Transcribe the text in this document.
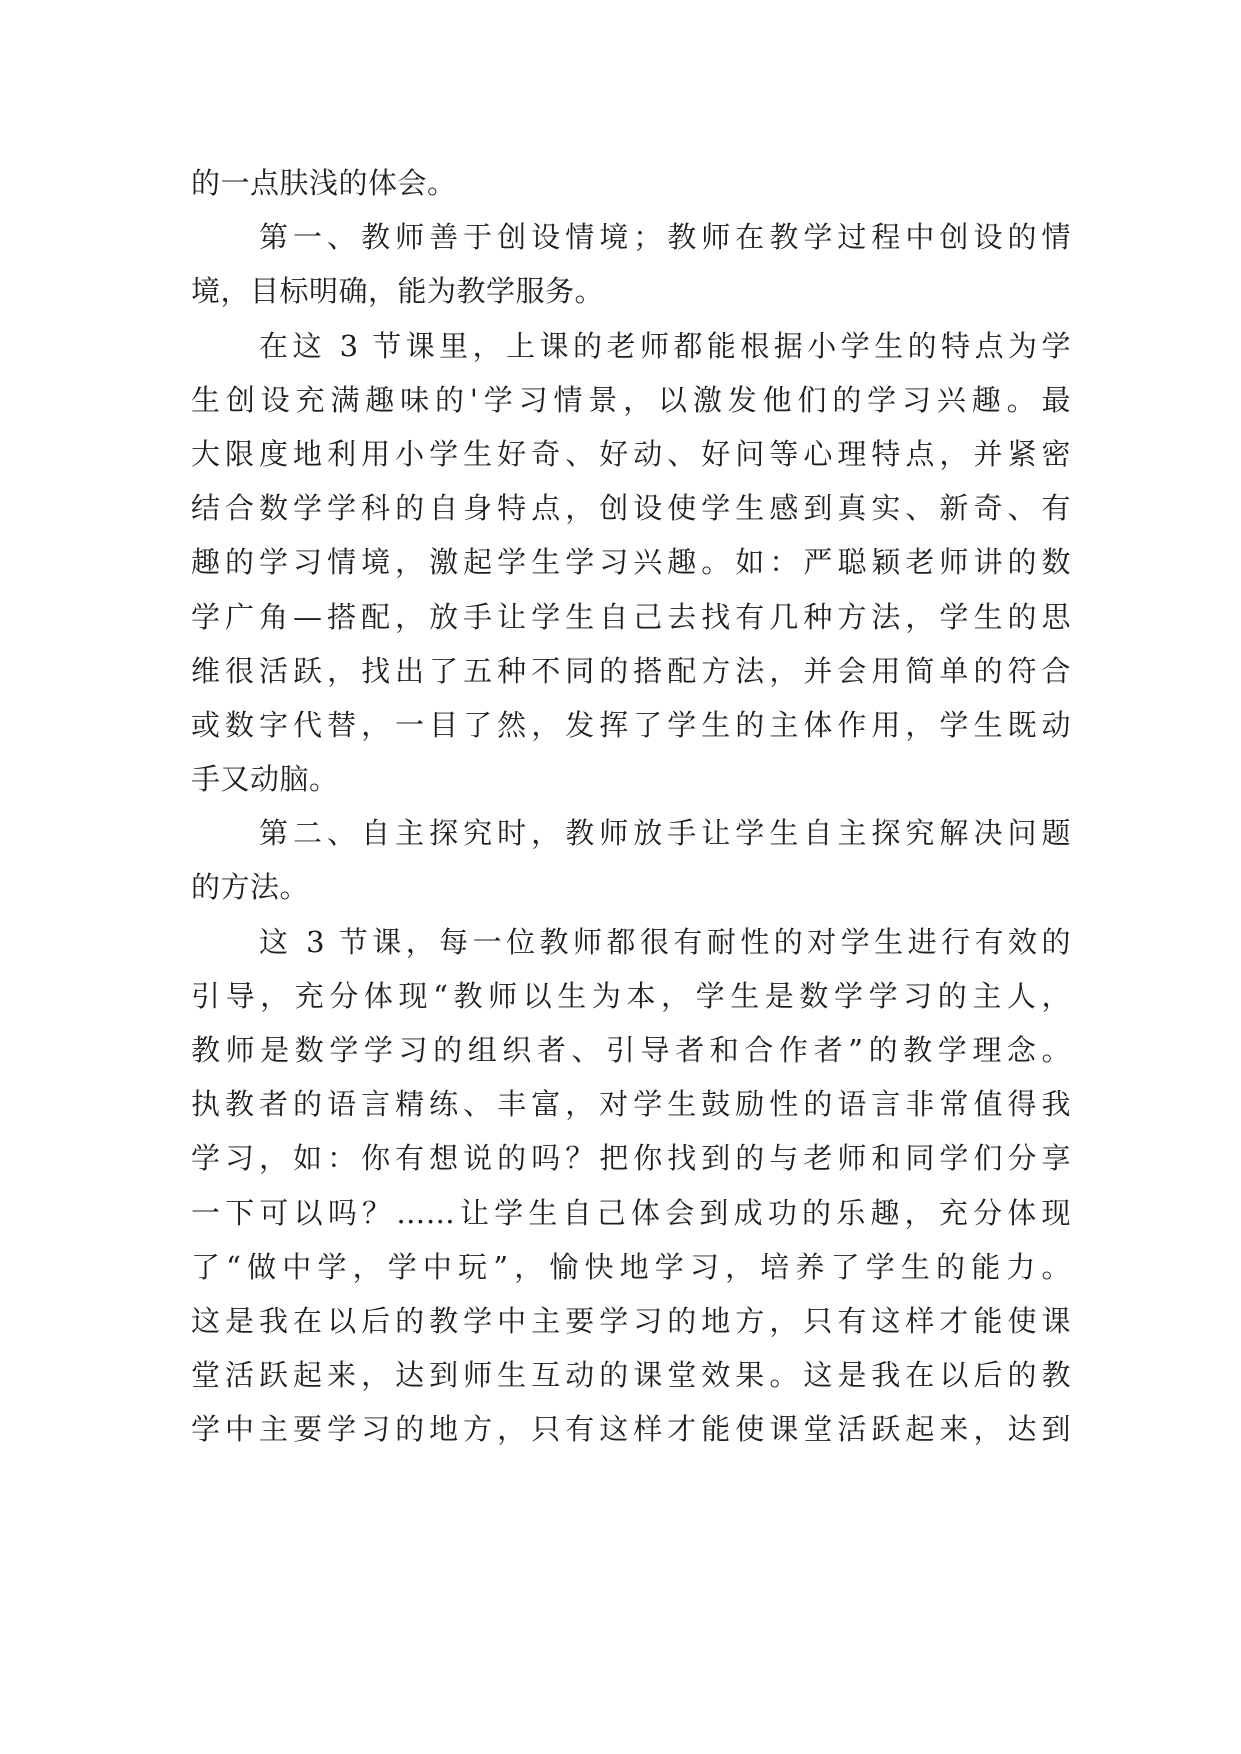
的一点肤浅的体会。
第一、教师善于创设情境；教师在教学过程中创设的情
境，目标明确，能为教学服务。
在这 3 节课里，上课的老师都能根据小学生的特点为学
生创设充满趣味的'学习情景，以激发他们的学习兴趣。最
大限度地利用小学生好奇、好动、好问等心理特点，并紧密
结合数学学科的自身特点，创设使学生感到真实、新奇、有
趣的学习情境，激起学生学习兴趣。如：严聪颖老师讲的数
学广角—搭配，放手让学生自己去找有几种方法，学生的思
维很活跃，找出了五种不同的搭配方法，并会用简单的符合
或数字代替，一目了然，发挥了学生的主体作用，学生既动
手又动脑。
第二、自主探究时，教师放手让学生自主探究解决问题
的方法。
这 3 节课，每一位教师都很有耐性的对学生进行有效的
引导，充分体现“教师以生为本，学生是数学学习的主人，
教师是数学学习的组织者、引导者和合作者”的教学理念。
执教者的语言精练、丰富，对学生鼓励性的语言非常值得我
学习，如：你有想说的吗？把你找到的与老师和同学们分享
一下可以吗？……让学生自己体会到成功的乐趣，充分体现
了“做中学，学中玩”，愉快地学习，培养了学生的能力。
这是我在以后的教学中主要学习的地方，只有这样才能使课
堂活跃起来，达到师生互动的课堂效果。这是我在以后的教
学中主要学习的地方，只有这样才能使课堂活跃起来，达到
